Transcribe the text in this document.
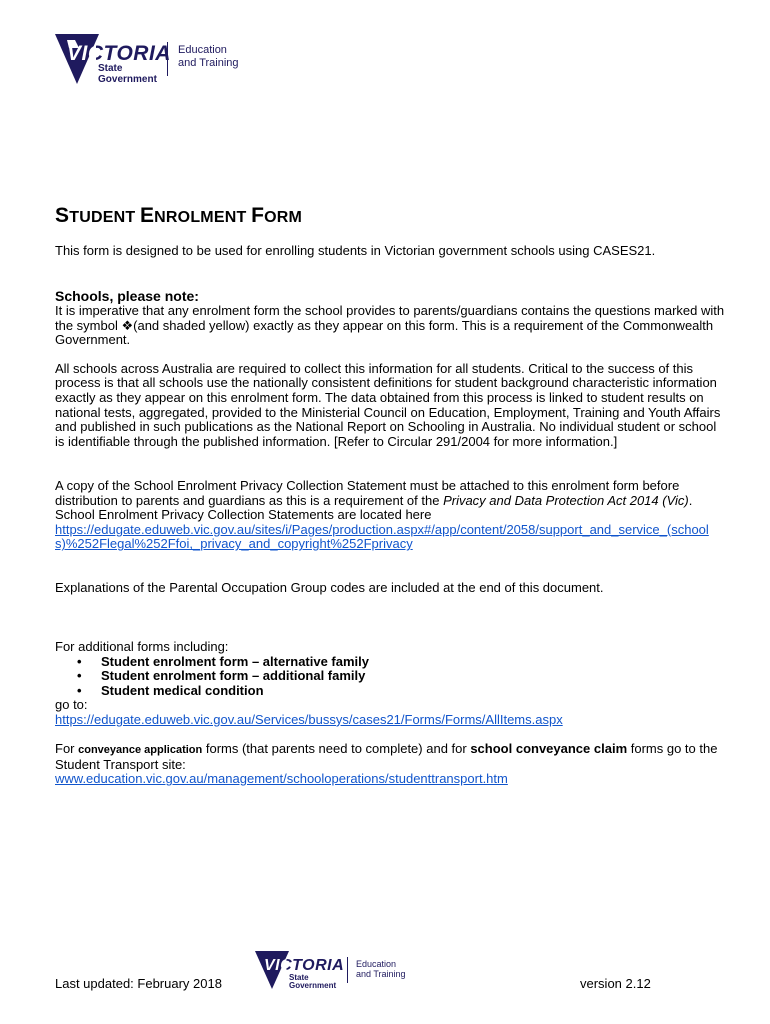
VICTORIA
State
Government
Education
and Training
STUDENT ENROLMENT FORM

This form is designed to be used for enrolling students in Victorian government schools using CASES21.

Schools, please note:

It is imperative that any enrolment form the school provides to parents/guardians contains the questions marked with the symbol ❖(and shaded yellow) exactly as they appear on this form. This is a requirement of the Commonwealth Government.

All schools across Australia are required to collect this information for all students. Critical to the success of this process is that all schools use the nationally consistent definitions for student background characteristic information exactly as they appear on this enrolment form. The data obtained from this process is linked to student results on national tests, aggregated, provided to the Ministerial Council on Education, Employment, Training and Youth Affairs and published in such publications as the National Report on Schooling in Australia. No individual student or school is identifiable through the published information. [Refer to Circular 291/2004 for more information.]

A copy of the School Enrolment Privacy Collection Statement must be attached to this enrolment form before distribution to parents and guardians as this is a requirement of the Privacy and Data Protection Act 2014 (Vic).
School Enrolment Privacy Collection Statements are located here
https://edugate.eduweb.vic.gov.au/sites/i/Pages/production.aspx#/app/content/2058/support_and_service_(schools)%252Flegal%252Ffoi,_privacy_and_copyright%252Fprivacy

Explanations of the Parental Occupation Group codes are included at the end of this document.

For additional forms including:

• Student enrolment form – alternative family
• Student enrolment form – additional family
• Student medical condition

go to:

https://edugate.eduweb.vic.gov.au/Services/bussys/cases21/Forms/Forms/AllItems.aspx

For conveyance application forms (that parents need to complete) and for school conveyance claim forms go to the Student Transport site:

www.education.vic.gov.au/management/schooloperations/studenttransport.htm

Last updated: February 2018
VICTORIA
State
Government
Education
and Training
version 2.12
